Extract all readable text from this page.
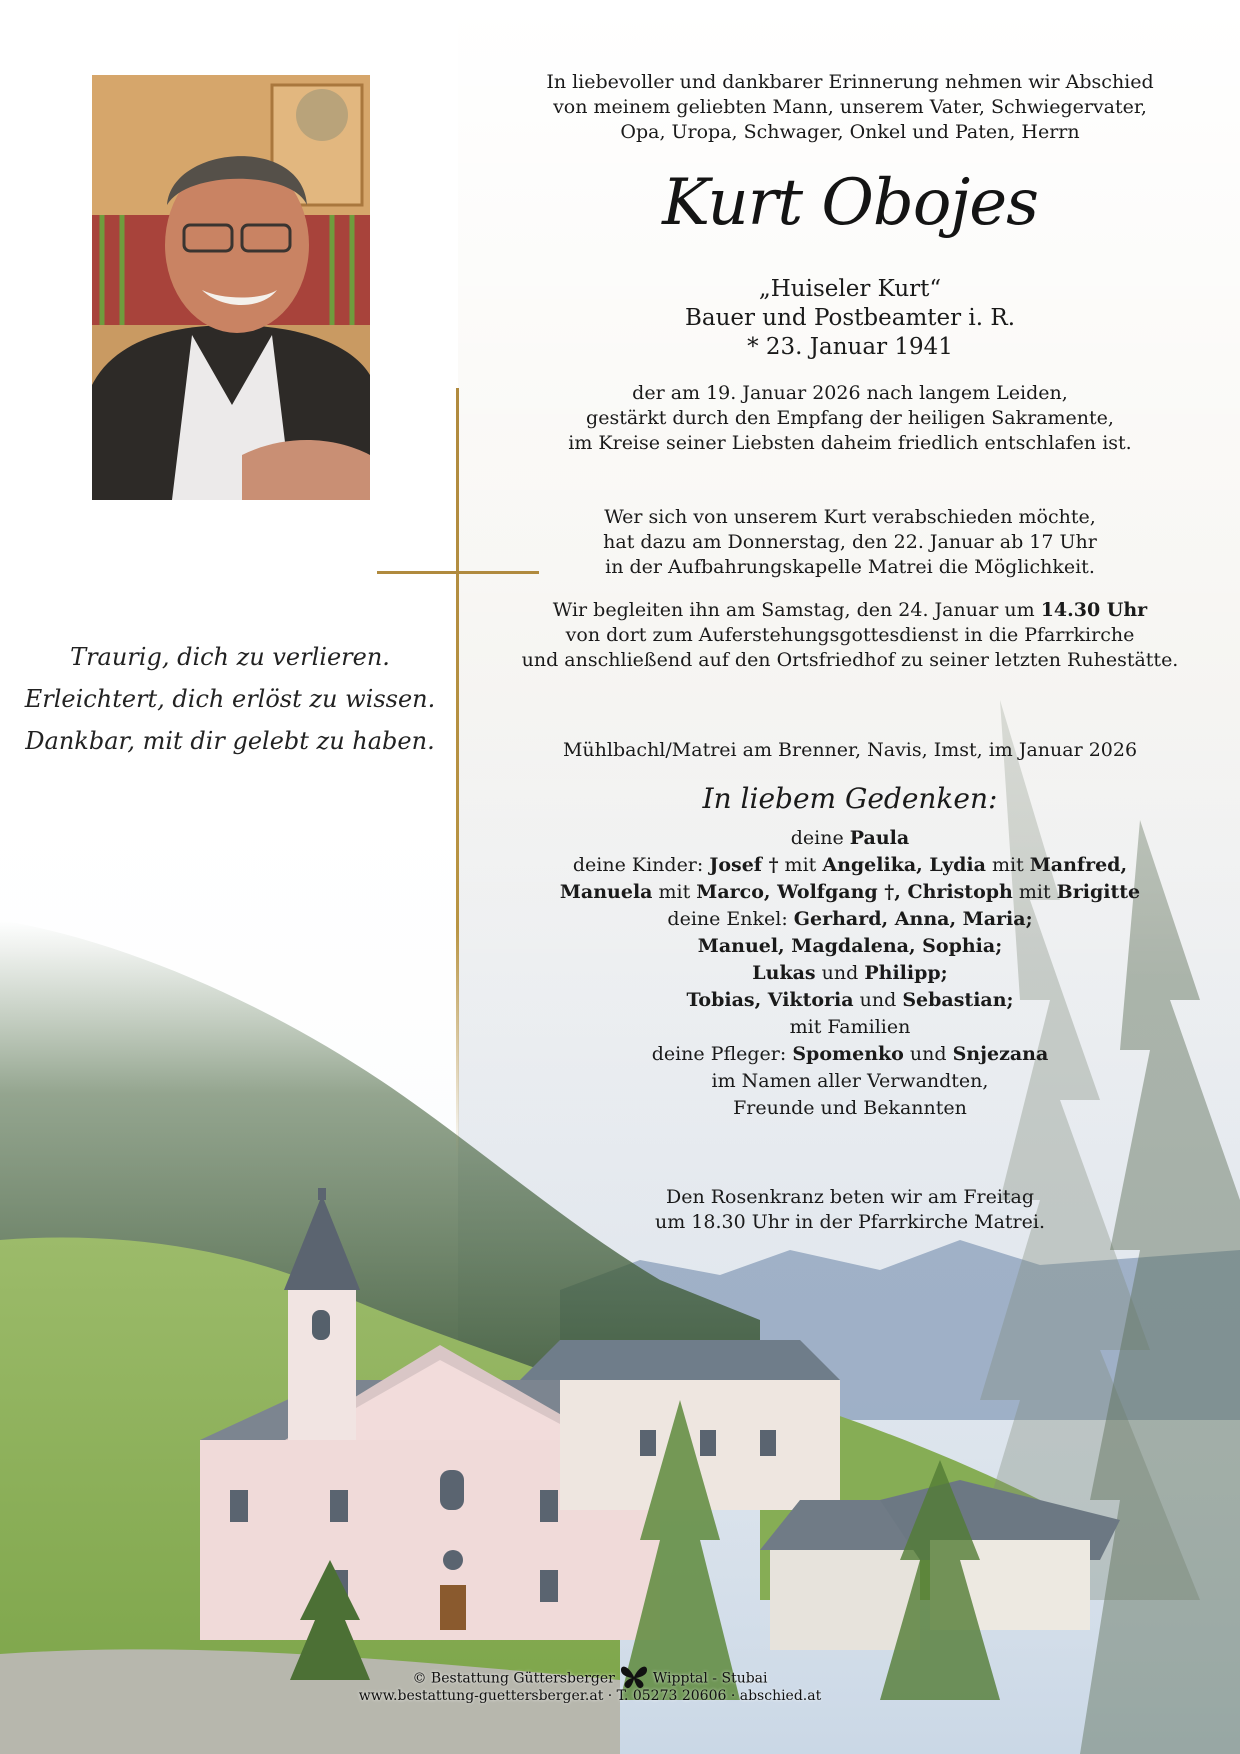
Traurig, dich zu verlieren.
Erleichtert, dich erlöst zu wissen.
Dankbar, mit dir gelebt zu haben.
In liebevoller und dankbarer Erinnerung nehmen wir Abschied
von meinem geliebten Mann, unserem Vater, Schwiegervater,
Opa, Uropa, Schwager, Onkel und Paten, Herrn
Kurt Obojes
„Huiseler Kurt“
Bauer und Postbeamter i. R.
* 23. Januar 1941
der am 19. Januar 2026 nach langem Leiden,
gestärkt durch den Empfang der heiligen Sakramente,
im Kreise seiner Liebsten daheim friedlich entschlafen ist.
Wer sich von unserem Kurt verabschieden möchte,
hat dazu am Donnerstag, den 22. Januar ab 17 Uhr
in der Aufbahrungskapelle Matrei die Möglichkeit.
Wir begleiten ihn am Samstag, den 24. Januar um 14.30 Uhr
von dort zum Auferstehungsgottesdienst in die Pfarrkirche
und anschließend auf den Ortsfriedhof zu seiner letzten Ruhestätte.
Mühlbachl/Matrei am Brenner, Navis, Imst, im Januar 2026
In liebem Gedenken:
deine Paula
deine Kinder: Josef † mit Angelika, Lydia mit Manfred,
Manuela mit Marco, Wolfgang †, Christoph mit Brigitte
deine Enkel: Gerhard, Anna, Maria;
Manuel, Magdalena, Sophia;
Lukas und Philipp;
Tobias, Viktoria und Sebastian;
mit Familien
deine Pfleger: Spomenko und Snjezana
im Namen aller Verwandten,
Freunde und Bekannten
Den Rosenkranz beten wir am Freitag
um 18.30 Uhr in der Pfarrkirche Matrei.
© Bestattung Güttersberger	Wipptal - Stubai
www.bestattung-guettersberger.at · T. 05273 20606 · abschied.at
